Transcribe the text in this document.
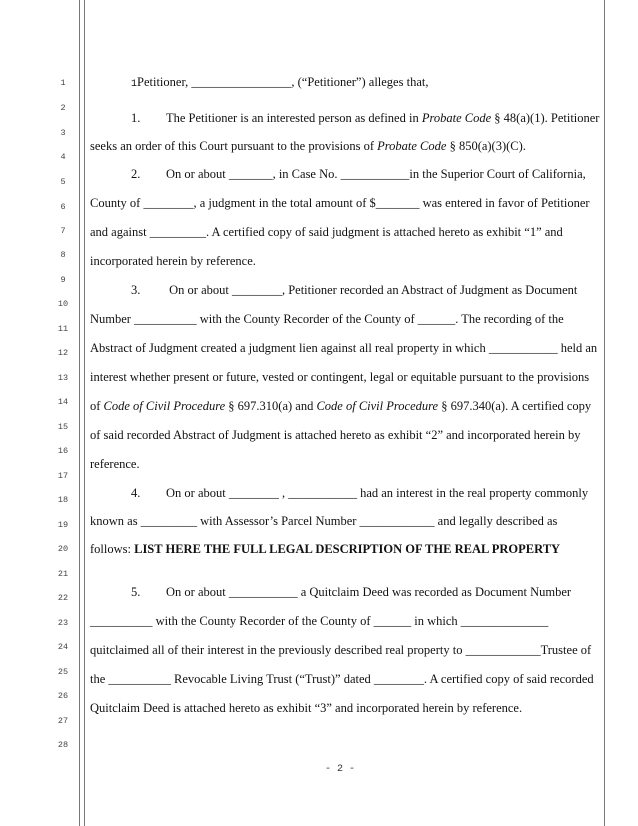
1
2
3
4
5
6
7
8
9
10
11
12
13
14
15
16
17
18
19
20
21
22
23
24
25
26
27
28
1Petitioner, ________________, (“Petitioner”) alleges that,
1. The Petitioner is an interested person as defined in Probate Code § 48(a)(1). Petitioner
seeks an order of this Court pursuant to the provisions of Probate Code § 850(a)(3)(C).
2. On or about _______, in Case No. ___________in the Superior Court of California,
County of ________, a judgment in the total amount of $_______ was entered in favor of Petitioner
and against _________. A certified copy of said judgment is attached hereto as exhibit “1” and
incorporated herein by reference.
3. On or about ________, Petitioner recorded an Abstract of Judgment as Document
Number __________ with the County Recorder of the County of ______. The recording of the
Abstract of Judgment created a judgment lien against all real property in which ___________ held an
interest whether present or future, vested or contingent, legal or equitable pursuant to the provisions
of Code of Civil Procedure § 697.310(a) and Code of Civil Procedure § 697.340(a). A certified copy
of said recorded Abstract of Judgment is attached hereto as exhibit “2” and incorporated herein by
reference.
4. On or about ________ , ___________ had an interest in the real property commonly
known as _________ with Assessor’s Parcel Number ____________ and legally described as
follows: LIST HERE THE FULL LEGAL DESCRIPTION OF THE REAL PROPERTY
5. On or about ___________ a Quitclaim Deed was recorded as Document Number
__________ with the County Recorder of the County of ______ in which ______________
quitclaimed all of their interest in the previously described real property to ____________Trustee of
the __________ Revocable Living Trust (“Trust)” dated ________. A certified copy of said recorded
Quitclaim Deed is attached hereto as exhibit “3” and incorporated herein by reference.
- 2 -
